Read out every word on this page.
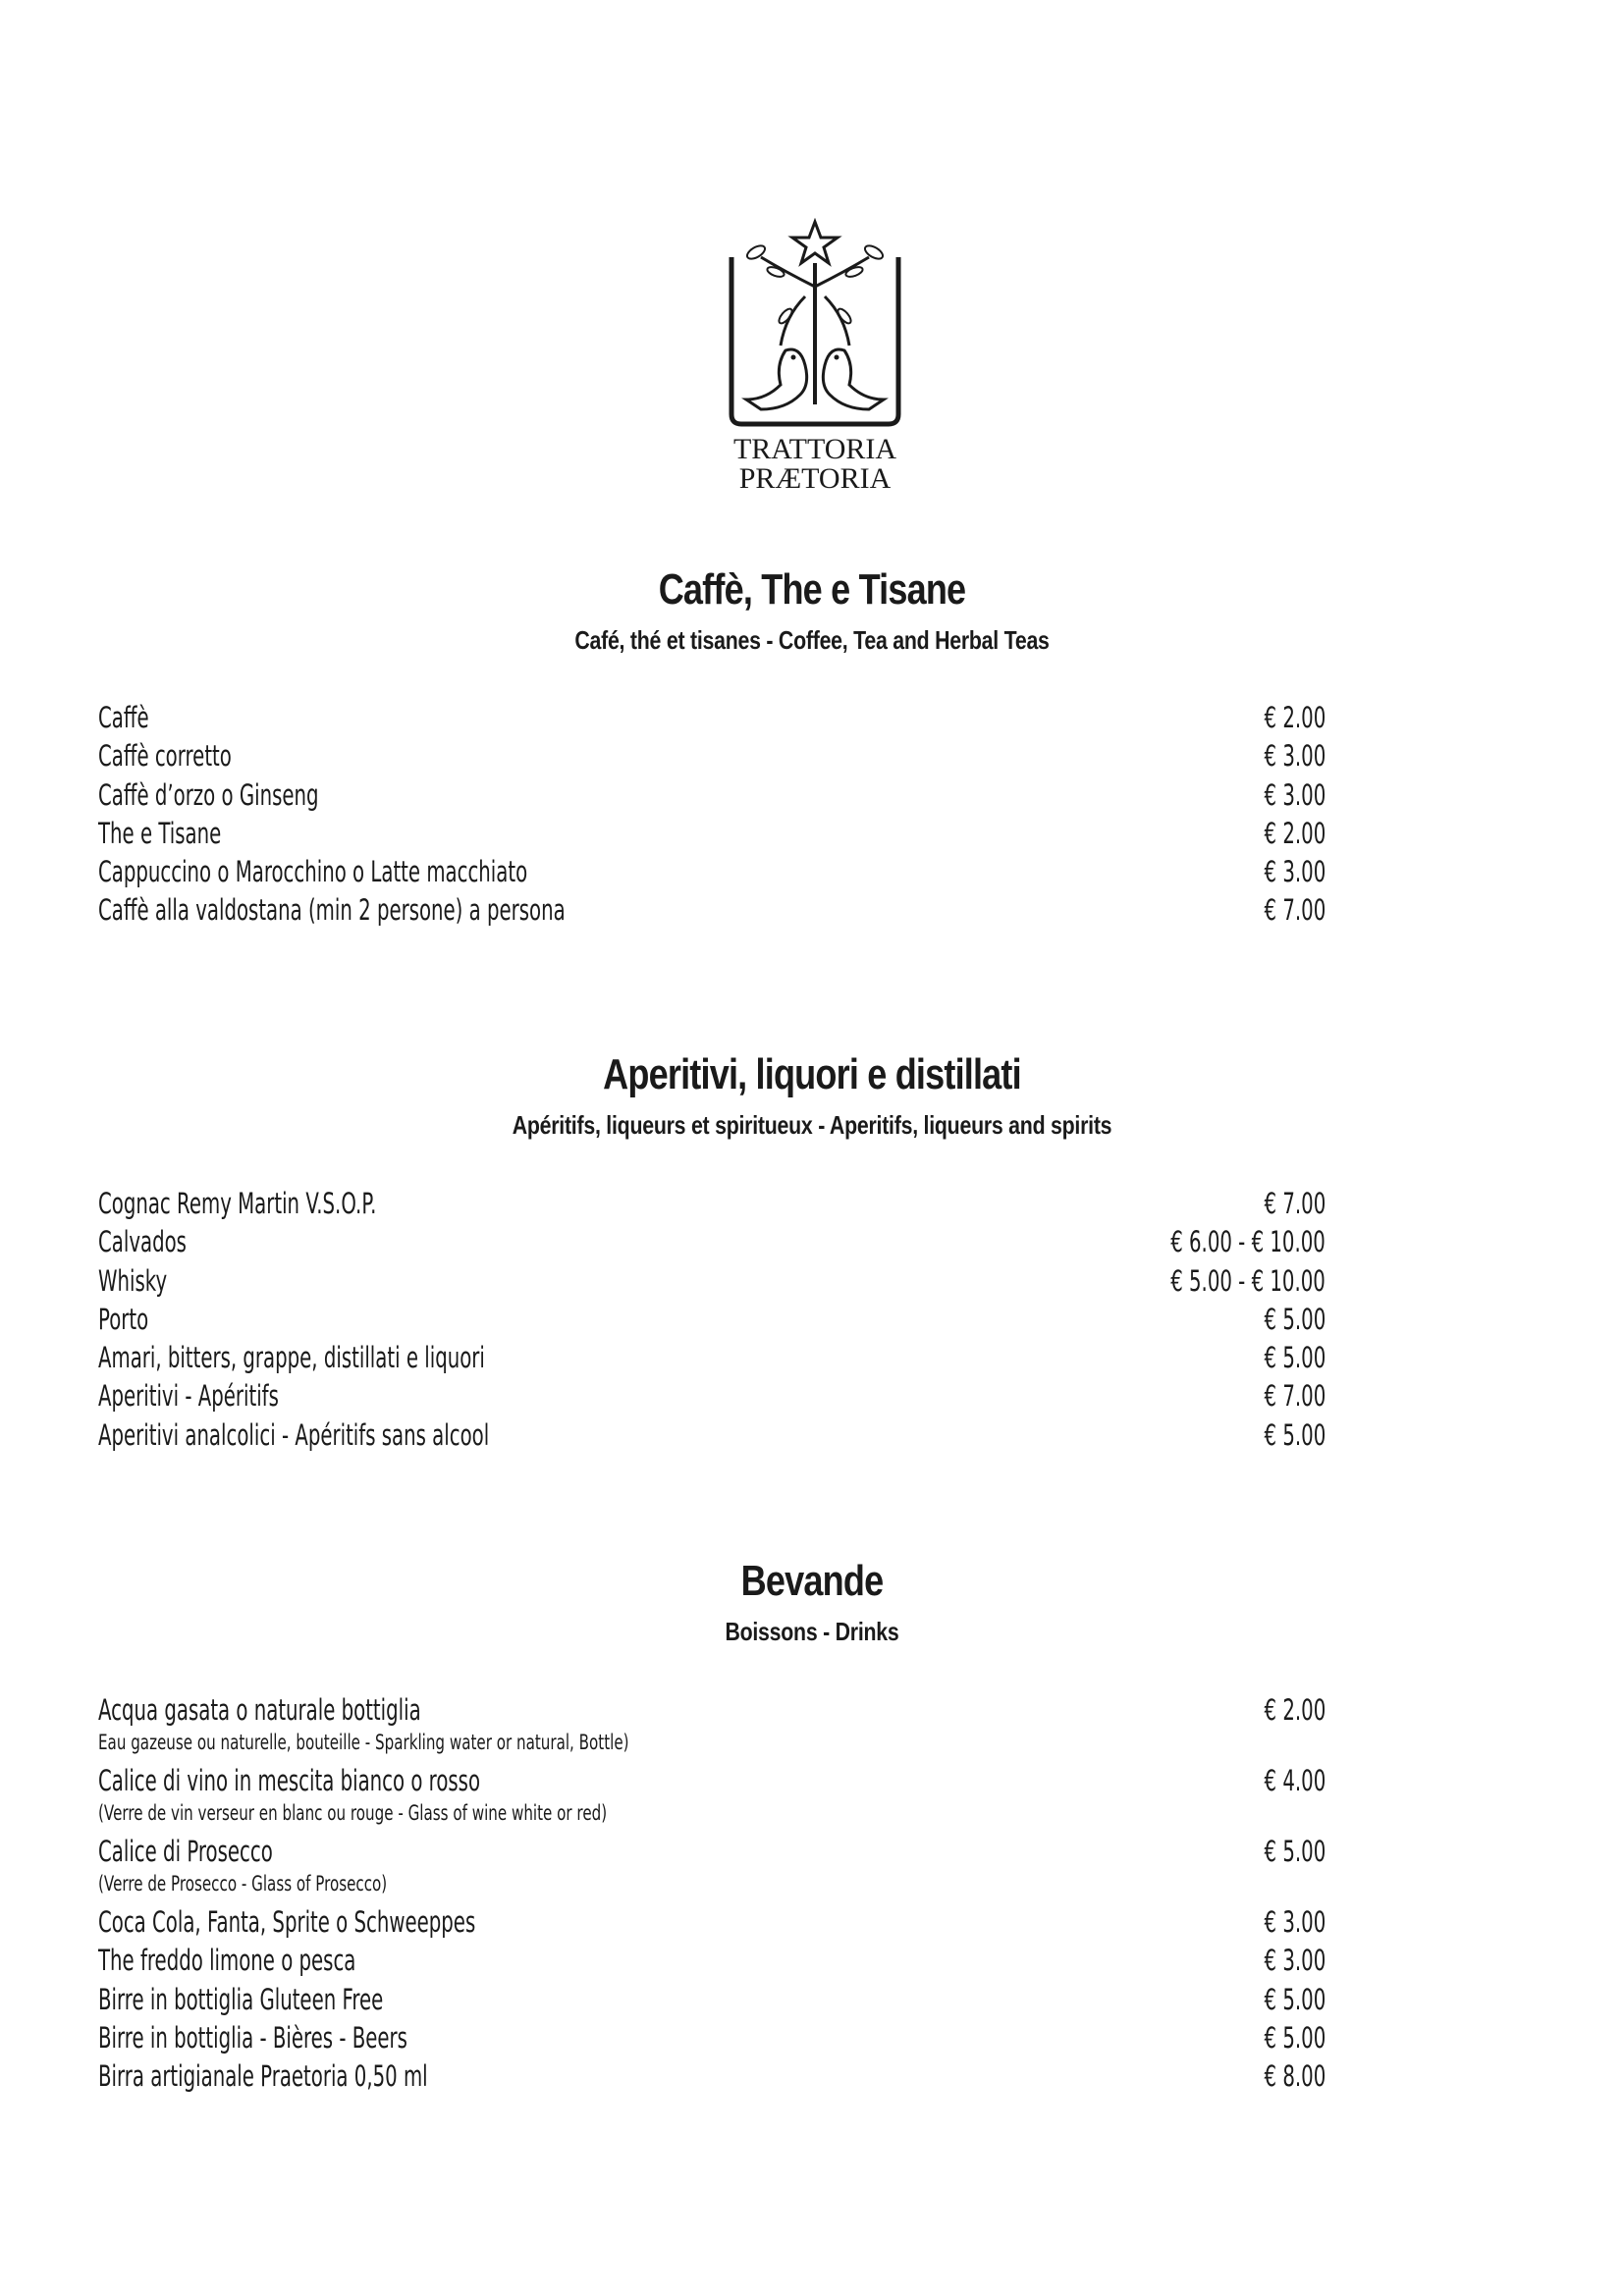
TRATTORIA
PRÆTORIA
Caffè, The e Tisane
Café, thé et tisanes - Coffee, Tea and Herbal Teas
Caffè	€ 2.00
Caffè corretto	€ 3.00
Caffè d’orzo o Ginseng	€ 3.00
The e Tisane	€ 2.00
Cappuccino o Marocchino o Latte macchiato	€ 3.00
Caffè alla valdostana (min 2 persone) a persona	€ 7.00
Aperitivi, liquori e distillati
Apéritifs, liqueurs et spiritueux - Aperitifs, liqueurs and spirits
Cognac Remy Martin V.S.O.P.	€ 7.00
Calvados	€ 6.00 - € 10.00
Whisky	€ 5.00 - € 10.00
Porto	€ 5.00
Amari, bitters, grappe, distillati e liquori	€ 5.00
Aperitivi - Apéritifs	€ 7.00
Aperitivi analcolici - Apéritifs sans alcool	€ 5.00
Bevande
Boissons - Drinks
Acqua gasata o naturale bottiglia	€ 2.00
Eau gazeuse ou naturelle, bouteille - Sparkling water or natural, Bottle)
Calice di vino in mescita bianco o rosso	€ 4.00
(Verre de vin verseur en blanc ou rouge - Glass of wine white or red)
Calice di Prosecco	€ 5.00
(Verre de Prosecco - Glass of Prosecco)
Coca Cola, Fanta, Sprite o Schweeppes	€ 3.00
The freddo limone o pesca	€ 3.00
Birre in bottiglia Gluteen Free	€ 5.00
Birre in bottiglia - Bières - Beers	€ 5.00
Birra artigianale Praetoria 0,50 ml	€ 8.00
